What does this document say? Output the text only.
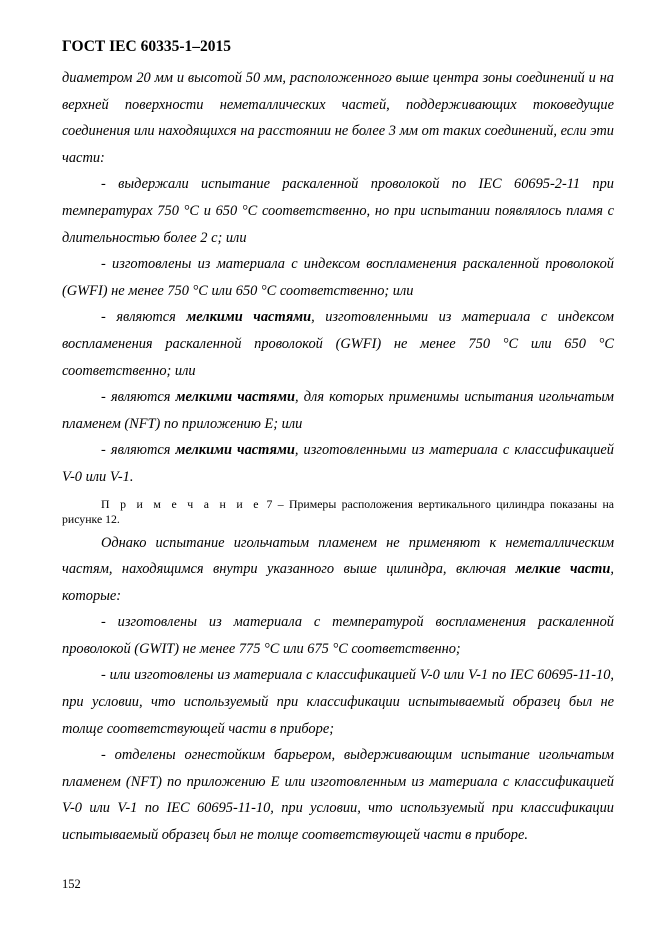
ГОСТ IEC 60335-1–2015
диаметром 20 мм и высотой 50 мм, расположенного выше центра зоны соединений и на верхней поверхности неметаллических частей, поддерживающих токоведущие соединения или находящихся на расстоянии не более 3 мм от таких соединений, если эти части:
- выдержали испытание раскаленной проволокой по IEC 60695-2-11 при температурах 750 °С и 650 °С соответственно, но при испытании появлялось пламя с длительностью более 2 с; или
- изготовлены из материала с индексом воспламенения раскаленной проволокой (GWFI) не менее 750 °С или 650 °С соответственно; или
- являются мелкими частями, изготовленными из материала с индексом воспламенения раскаленной проволокой (GWFI) не менее 750 °С или 650 °С соответственно; или
- являются мелкими частями, для которых применимы испытания игольчатым пламенем (NFT) по приложению Е; или
- являются мелкими частями, изготовленными из материала с классификацией V-0 или V-1.
П р и м е ч а н и е 7 – Примеры расположения вертикального цилиндра показаны на рисунке 12.
Однако испытание игольчатым пламенем не применяют к неметаллическим частям, находящимся внутри указанного выше цилиндра, включая мелкие части, которые:
- изготовлены из материала с температурой воспламенения раскаленной проволокой (GWIT) не менее 775 °С или 675 °С соответственно;
- или изготовлены из материала с классификацией V-0 или V-1 по IEC 60695-11-10, при условии, что используемый при классификации испытываемый образец был не толще соответствующей части в приборе;
- отделены огнестойким барьером, выдерживающим испытание игольчатым пламенем (NFT) по приложению Е или изготовленным из материала с классификацией V-0 или V-1 по IEC 60695-11-10, при условии, что используемый при классификации испытываемый образец был не толще соответствующей части в приборе.
152
